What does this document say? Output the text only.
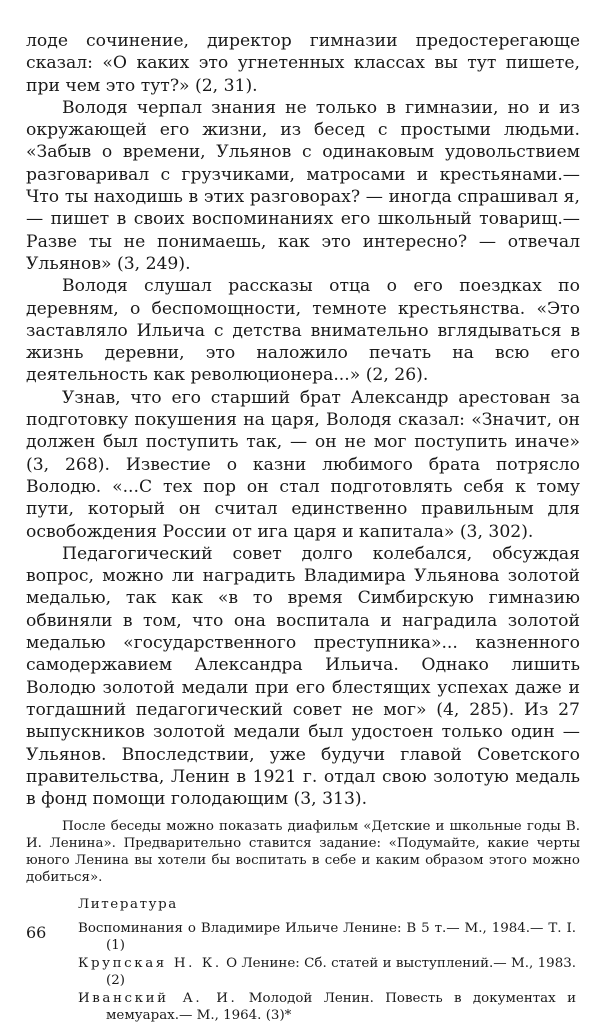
лоде сочинение, директор гимназии предостерегающе сказал: «О каких это угнетенных классах вы тут пишете, при чем это тут?» (2, 31).

Володя черпал знания не только в гимназии, но и из окружающей его жизни, из бесед с простыми людьми. «Забыв о времени, Ульянов с одинаковым удовольствием разговаривал с грузчиками, матросами и крестьянами.— Что ты находишь в этих разговорах? — иногда спрашивал я, — пишет в своих воспоминаниях его школьный товарищ.— Разве ты не понимаешь, как это интересно? — отвечал Ульянов» (3, 249).

Володя слушал рассказы отца о его поездках по деревням, о беспомощности, темноте крестьянства. «Это заставляло Ильича с детства внимательно вглядываться в жизнь деревни, это наложило печать на всю его деятельность как революционера...» (2, 26).

Узнав, что его старший брат Александр арестован за подготовку покушения на царя, Володя сказал: «Значит, он должен был поступить так, — он не мог поступить иначе» (3, 268). Известие о казни любимого брата потрясло Володю. «...С тех пор он стал подготовлять себя к тому пути, который он считал единственно правильным для освобождения России от ига царя и капитала» (3, 302).

Педагогический совет долго колебался, обсуждая вопрос, можно ли наградить Владимира Ульянова золотой медалью, так как «в то время Симбирскую гимназию обвиняли в том, что она воспитала и наградила золотой медалью «государственного преступника»... казненного самодержавием Александра Ильича. Однако лишить Володю золотой медали при его блестящих успехах даже и тогдашний педагогический совет не мог» (4, 285). Из 27 выпускников золотой медали был удостоен только один — Ульянов. Впоследствии, уже будучи главой Советского правительства, Ленин в 1921 г. отдал свою золотую медаль в фонд помощи голодающим (3, 313).

После беседы можно показать диафильм «Детские и школьные годы В. И. Ленина». Предварительно ставится задание: «Подумайте, какие черты юного Ленина вы хотели бы воспитать в себе и каким образом этого можно добиться».
Литература
Воспоминания о Владимире Ильиче Ленине: В 5 т.— М., 1984.— Т. I. (1)
Крупская Н. К. О Ленине: Сб. статей и выступлений.— М., 1983. (2)
Иванский А. И. Молодой Ленин. Повесть в документах и мемуарах.— М., 1964. (3)*
66
